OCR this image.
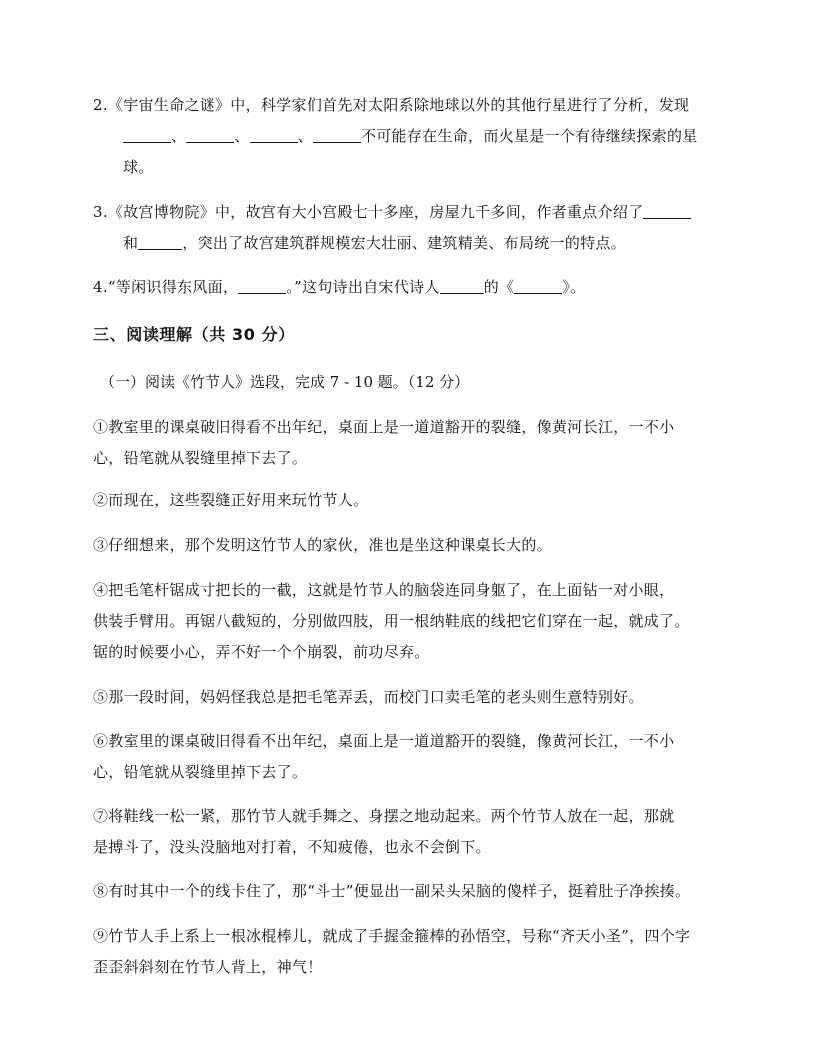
2.《宇宙生命之谜》中，科学家们首先对太阳系除地球以外的其他行星进行了分析，发现
、	、	、	不可能存在生命，而火星是一个有待继续探索的星
球。
3.《故宫博物院》中，故宫有大小宫殿七十多座，房屋九千多间，作者重点介绍了
和	，突出了故宫建筑群规模宏大壮丽、建筑精美、布局统一的特点。
4.“等闲识得东风面，	。”这句诗出自宋代诗人	的《	》。
三、阅读理解（共 30 分）
（一）阅读《竹节人》选段，完成 7 - 10 题。（12 分）
①教室里的课桌破旧得看不出年纪，桌面上是一道道豁开的裂缝，像黄河长江，一不小
心，铅笔就从裂缝里掉下去了。
②而现在，这些裂缝正好用来玩竹节人。
③仔细想来，那个发明这竹节人的家伙，准也是坐这种课桌长大的。
④把毛笔杆锯成寸把长的一截，这就是竹节人的脑袋连同身躯了，在上面钻一对小眼，
供装手臂用。再锯八截短的，分别做四肢，用一根纳鞋底的线把它们穿在一起，就成了。
锯的时候要小心，弄不好一个个崩裂，前功尽弃。
⑤那一段时间，妈妈怪我总是把毛笔弄丢，而校门口卖毛笔的老头则生意特别好。
⑥教室里的课桌破旧得看不出年纪，桌面上是一道道豁开的裂缝，像黄河长江，一不小
心，铅笔就从裂缝里掉下去了。
⑦将鞋线一松一紧，那竹节人就手舞之、身摆之地动起来。两个竹节人放在一起，那就
是搏斗了，没头没脑地对打着，不知疲倦，也永不会倒下。
⑧有时其中一个的线卡住了，那“斗士”便显出一副呆头呆脑的傻样子，挺着肚子净挨揍。
⑨竹节人手上系上一根冰棍棒儿，就成了手握金箍棒的孙悟空，号称“齐天小圣”，四个字
歪歪斜斜刻在竹节人背上，神气！
